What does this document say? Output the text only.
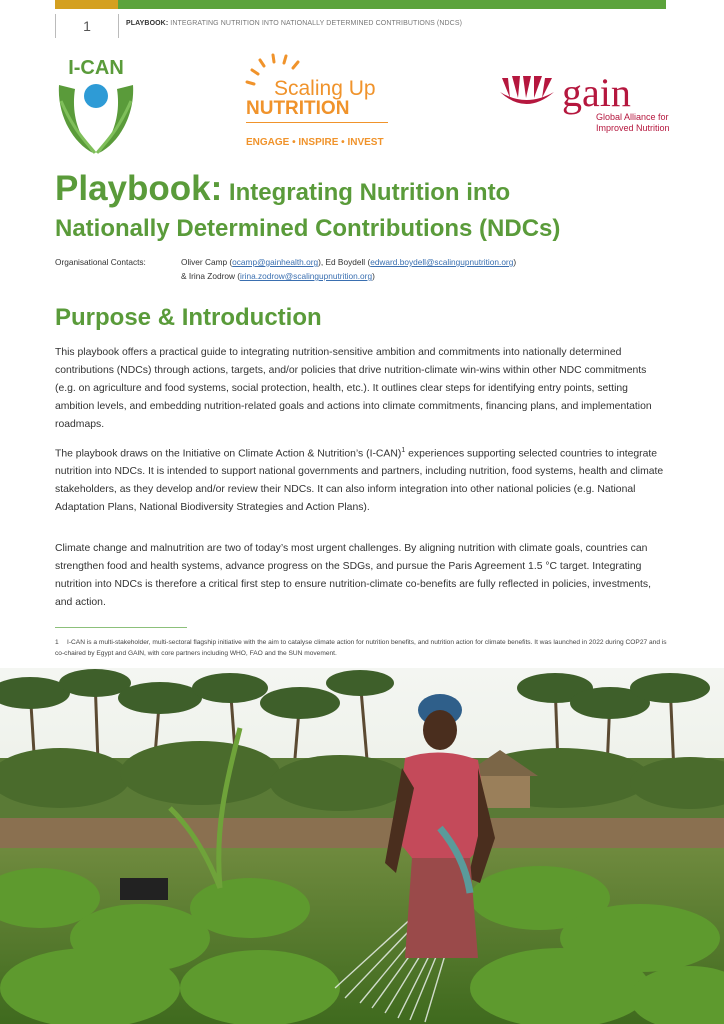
1	PLAYBOOK: INTEGRATING NUTRITION INTO NATIONALLY DETERMINED CONTRIBUTIONS (NDCS)
I-CAN
Scaling Up
NUTRITION
ENGAGE • INSPIRE • INVEST
gain
Global Alliance for
Improved Nutrition
Playbook: Integrating Nutrition into
Nationally Determined Contributions (NDCs)
Organisational Contacts:	Oliver Camp (ocamp@gainhealth.org), Ed Boydell (edward.boydell@scalingupnutrition.org)
& Irina Zodrow (irina.zodrow@scalingupnutrition.org)
Purpose & Introduction

This playbook offers a practical guide to integrating nutrition-sensitive ambition and commitments into nationally determined contributions (NDCs) through actions, targets, and/or policies that drive nutrition-climate win-wins within other NDC commitments (e.g. on agriculture and food systems, social protection, health, etc.). It outlines clear steps for identifying entry points, setting ambition levels, and embedding nutrition-related goals and actions into climate commitments, financing plans, and implementation roadmaps.

The playbook draws on the Initiative on Climate Action & Nutrition’s $(I-CAN)^1$ experiences supporting selected countries to integrate nutrition into NDCs. It is intended to support national governments and partners, including nutrition, food systems, health and climate stakeholders, as they develop and/or review their NDCs. It can also inform integration into other national policies (e.g. National Adaptation Plans, National Biodiversity Strategies and Action Plans).

Climate change and malnutrition are two of today’s most urgent challenges. By aligning nutrition with climate goals, countries can strengthen food and health systems, advance progress on the SDGs, and pursue the Paris Agreement 1.5 °C target. Integrating nutrition into NDCs is therefore a critical first step to ensure nutrition-climate co-benefits are fully reflected in policies, investments, and action.

1 I-CAN is a multi-stakeholder, multi-sectoral flagship initiative with the aim to catalyse climate action for nutrition benefits, and nutrition action for climate benefits. It was launched in 2022 during COP27 and is co-chaired by Egypt and GAIN, with core partners including WHO, FAO and the SUN movement.
